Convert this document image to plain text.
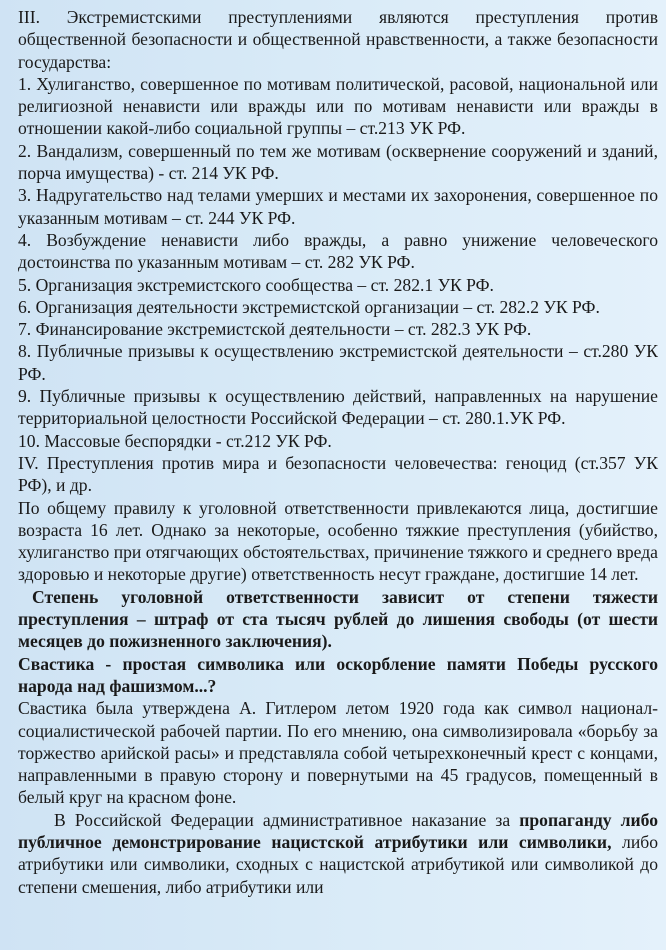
III. Экстремистскими преступлениями являются преступления против общественной безопасности и общественной нравственности, а также безопасности государства:

1. Хулиганство, совершенное по мотивам политической, расовой, национальной или религиозной ненависти или вражды или по мотивам ненависти или вражды в отношении какой-либо социальной группы – ст.213 УК РФ.

2. Вандализм, совершенный по тем же мотивам (осквернение сооружений и зданий, порча имущества) - ст. 214 УК РФ.

3. Надругательство над телами умерших и местами их захоронения, совершенное по указанным мотивам – ст. 244 УК РФ.

4. Возбуждение ненависти либо вражды, а равно унижение человеческого достоинства по указанным мотивам – ст. 282 УК РФ.

5. Организация экстремистского сообщества – ст. 282.1 УК РФ.

6. Организация деятельности экстремистской организации – ст. 282.2 УК РФ.

7. Финансирование экстремистской деятельности – ст. 282.3 УК РФ.

8. Публичные призывы к осуществлению экстремистской деятельности – ст.280 УК РФ.

9. Публичные призывы к осуществлению действий, направленных на нарушение территориальной целостности Российской Федерации – ст. 280.1.УК РФ.

10. Массовые беспорядки - ст.212 УК РФ.

IV. Преступления против мира и безопасности человечества: геноцид (ст.357 УК РФ), и др.

По общему правилу к уголовной ответственности привлекаются лица, достигшие возраста 16 лет. Однако за некоторые, особенно тяжкие преступления (убийство, хулиганство при отягчающих обстоятельствах, причинение тяжкого и среднего вреда здоровью и некоторые другие) ответственность несут граждане, достигшие 14 лет.

Степень уголовной ответственности зависит от степени тяжести преступления – штраф от ста тысяч рублей до лишения свободы (от шести месяцев до пожизненного заключения).

Свастика - простая символика или оскорбление памяти Победы русского народа над фашизмом...?

Свастика была утверждена А. Гитлером летом 1920 года как символ национал-социалистической рабочей партии. По его мнению, она символизировала «борьбу за торжество арийской расы» и представляла собой четырехконечный крест с концами, направленными в правую сторону и повернутыми на 45 градусов, помещенный в белый круг на красном фоне.

В Российской Федерации административное наказание за пропаганду либо публичное демонстрирование нацистской атрибутики или символики, либо атрибутики или символики, сходных с нацистской атрибутикой или символикой до степени смешения, либо атрибутики или
